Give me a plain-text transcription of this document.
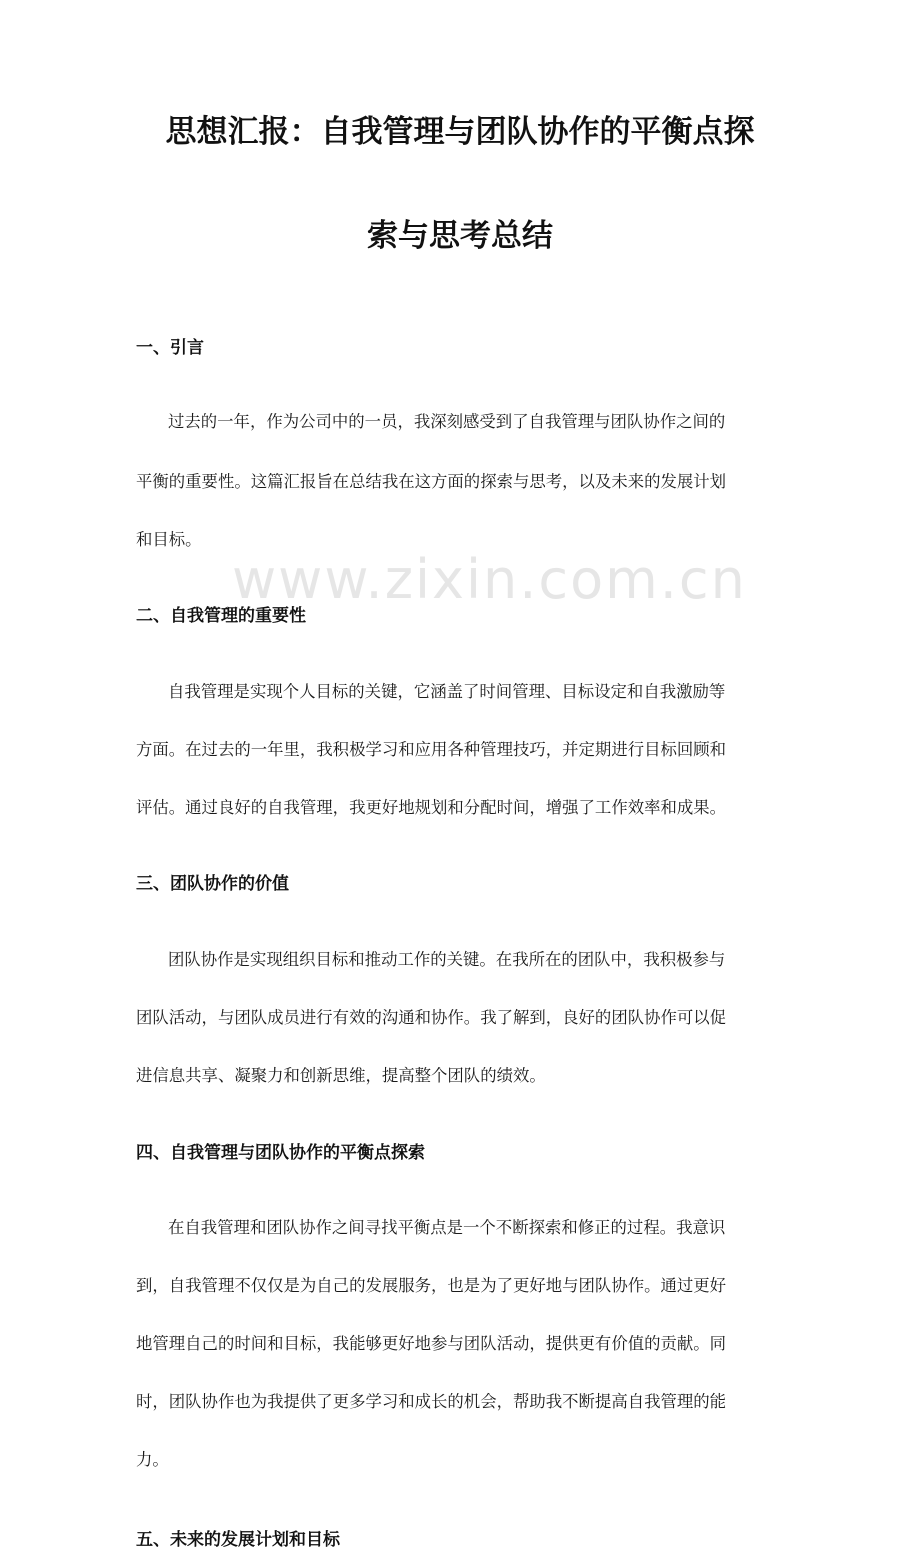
www.zixin.com.cn
思想汇报：自我管理与团队协作的平衡点探
索与思考总结
一、引言

过去的一年，作为公司中的一员，我深刻感受到了自我管理与团队协作之间的

平衡的重要性。这篇汇报旨在总结我在这方面的探索与思考，以及未来的发展计划

和目标。

二、自我管理的重要性

自我管理是实现个人目标的关键，它涵盖了时间管理、目标设定和自我激励等

方面。在过去的一年里，我积极学习和应用各种管理技巧，并定期进行目标回顾和

评估。通过良好的自我管理，我更好地规划和分配时间，增强了工作效率和成果。

三、团队协作的价值

团队协作是实现组织目标和推动工作的关键。在我所在的团队中，我积极参与

团队活动，与团队成员进行有效的沟通和协作。我了解到，良好的团队协作可以促

进信息共享、凝聚力和创新思维，提高整个团队的绩效。

四、自我管理与团队协作的平衡点探索

在自我管理和团队协作之间寻找平衡点是一个不断探索和修正的过程。我意识

到，自我管理不仅仅是为自己的发展服务，也是为了更好地与团队协作。通过更好

地管理自己的时间和目标，我能够更好地参与团队活动，提供更有价值的贡献。同

时，团队协作也为我提供了更多学习和成长的机会，帮助我不断提高自我管理的能

力。

五、未来的发展计划和目标
